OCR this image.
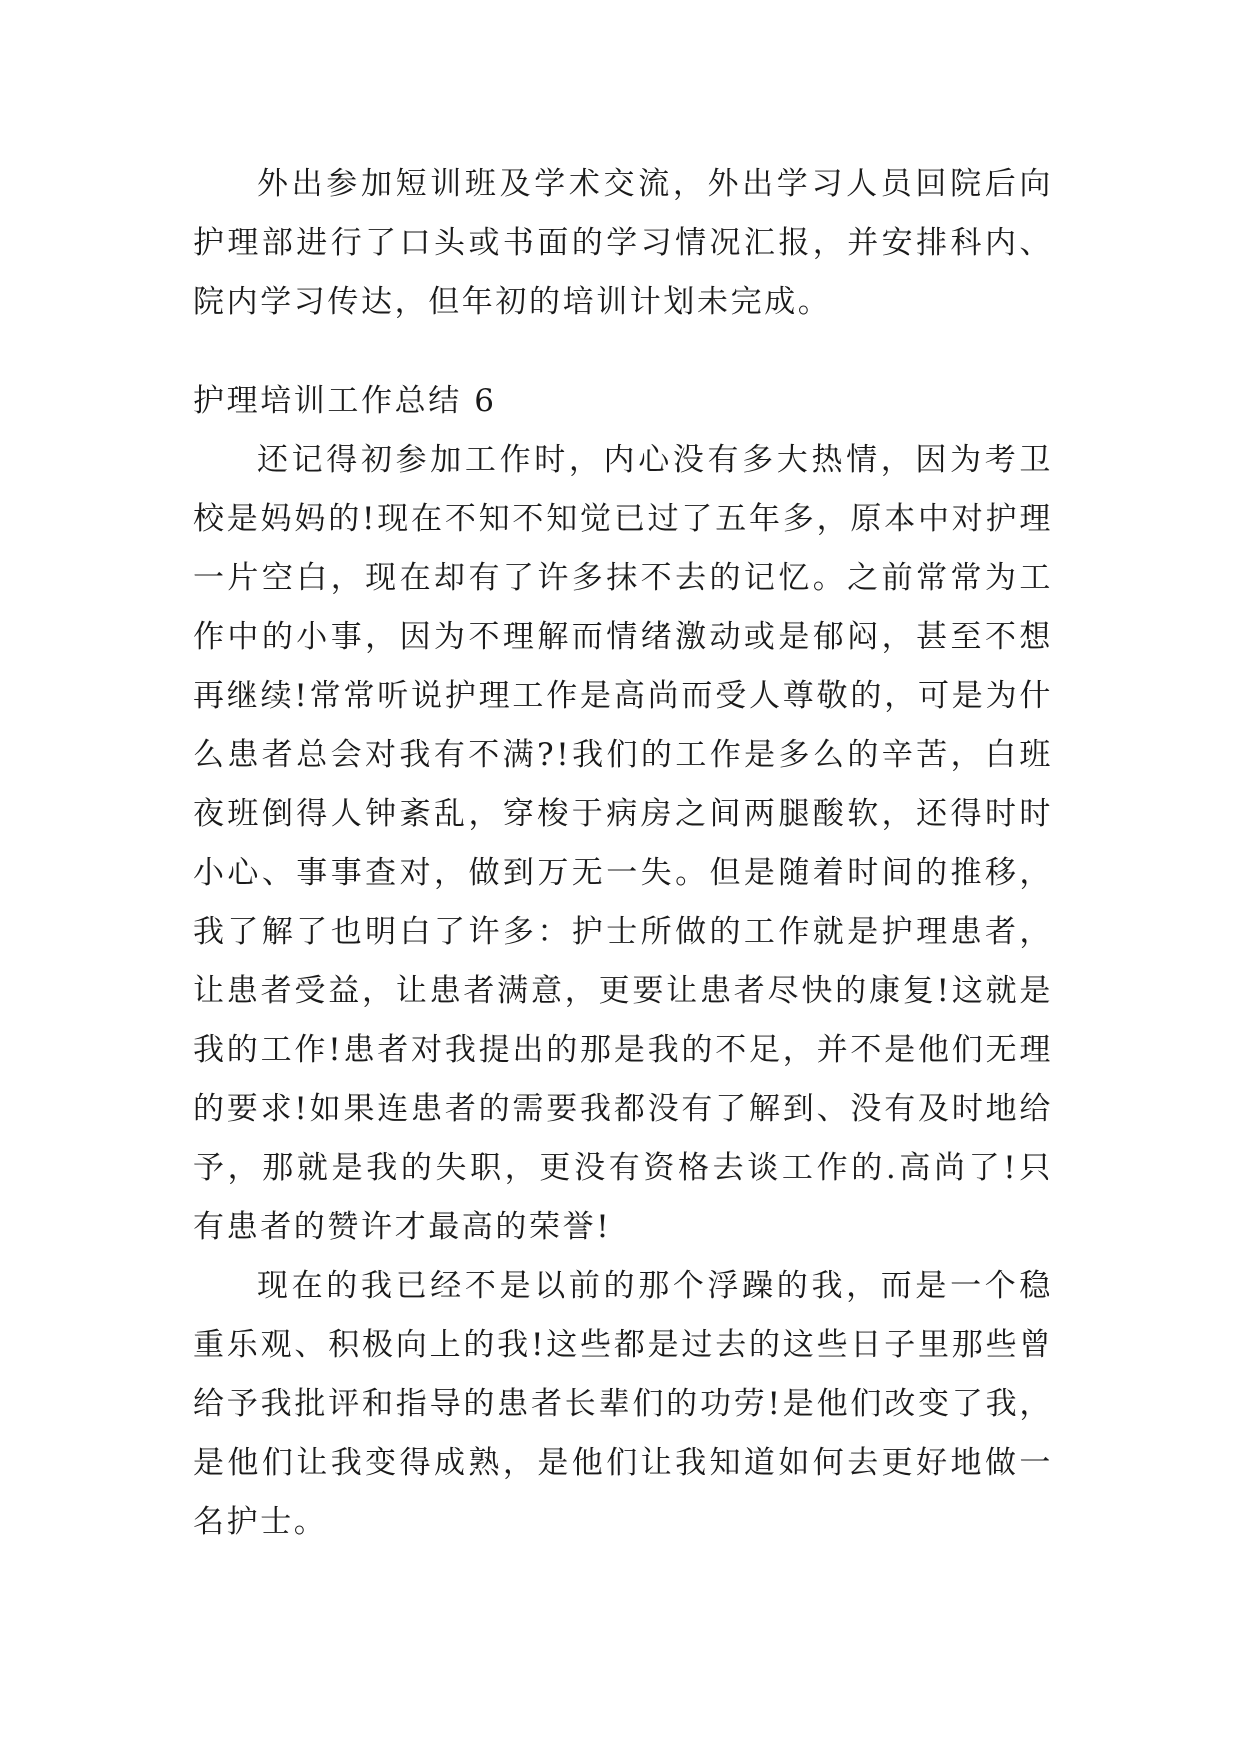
外出参加短训班及学术交流，外出学习人员回院后向护理部进行了口头或书面的学习情况汇报，并安排科内、院内学习传达，但年初的培训计划未完成。

护理培训工作总结 6

还记得初参加工作时，内心没有多大热情，因为考卫校是妈妈的!现在不知不知觉已过了五年多，原本中对护理一片空白，现在却有了许多抹不去的记忆。之前常常为工作中的小事，因为不理解而情绪激动或是郁闷，甚至不想再继续!常常听说护理工作是高尚而受人尊敬的，可是为什么患者总会对我有不满?!我们的工作是多么的辛苦，白班夜班倒得人钟紊乱，穿梭于病房之间两腿酸软，还得时时小心、事事查对，做到万无一失。但是随着时间的推移，我了解了也明白了许多：护士所做的工作就是护理患者，让患者受益，让患者满意，更要让患者尽快的康复!这就是我的工作!患者对我提出的那是我的不足，并不是他们无理的要求!如果连患者的需要我都没有了解到、没有及时地给予，那就是我的失职，更没有资格去谈工作的.高尚了!只有患者的赞许才最高的荣誉!

现在的我已经不是以前的那个浮躁的我，而是一个稳重乐观、积极向上的我!这些都是过去的这些日子里那些曾给予我批评和指导的患者长辈们的功劳!是他们改变了我，是他们让我变得成熟，是他们让我知道如何去更好地做一名护士。
